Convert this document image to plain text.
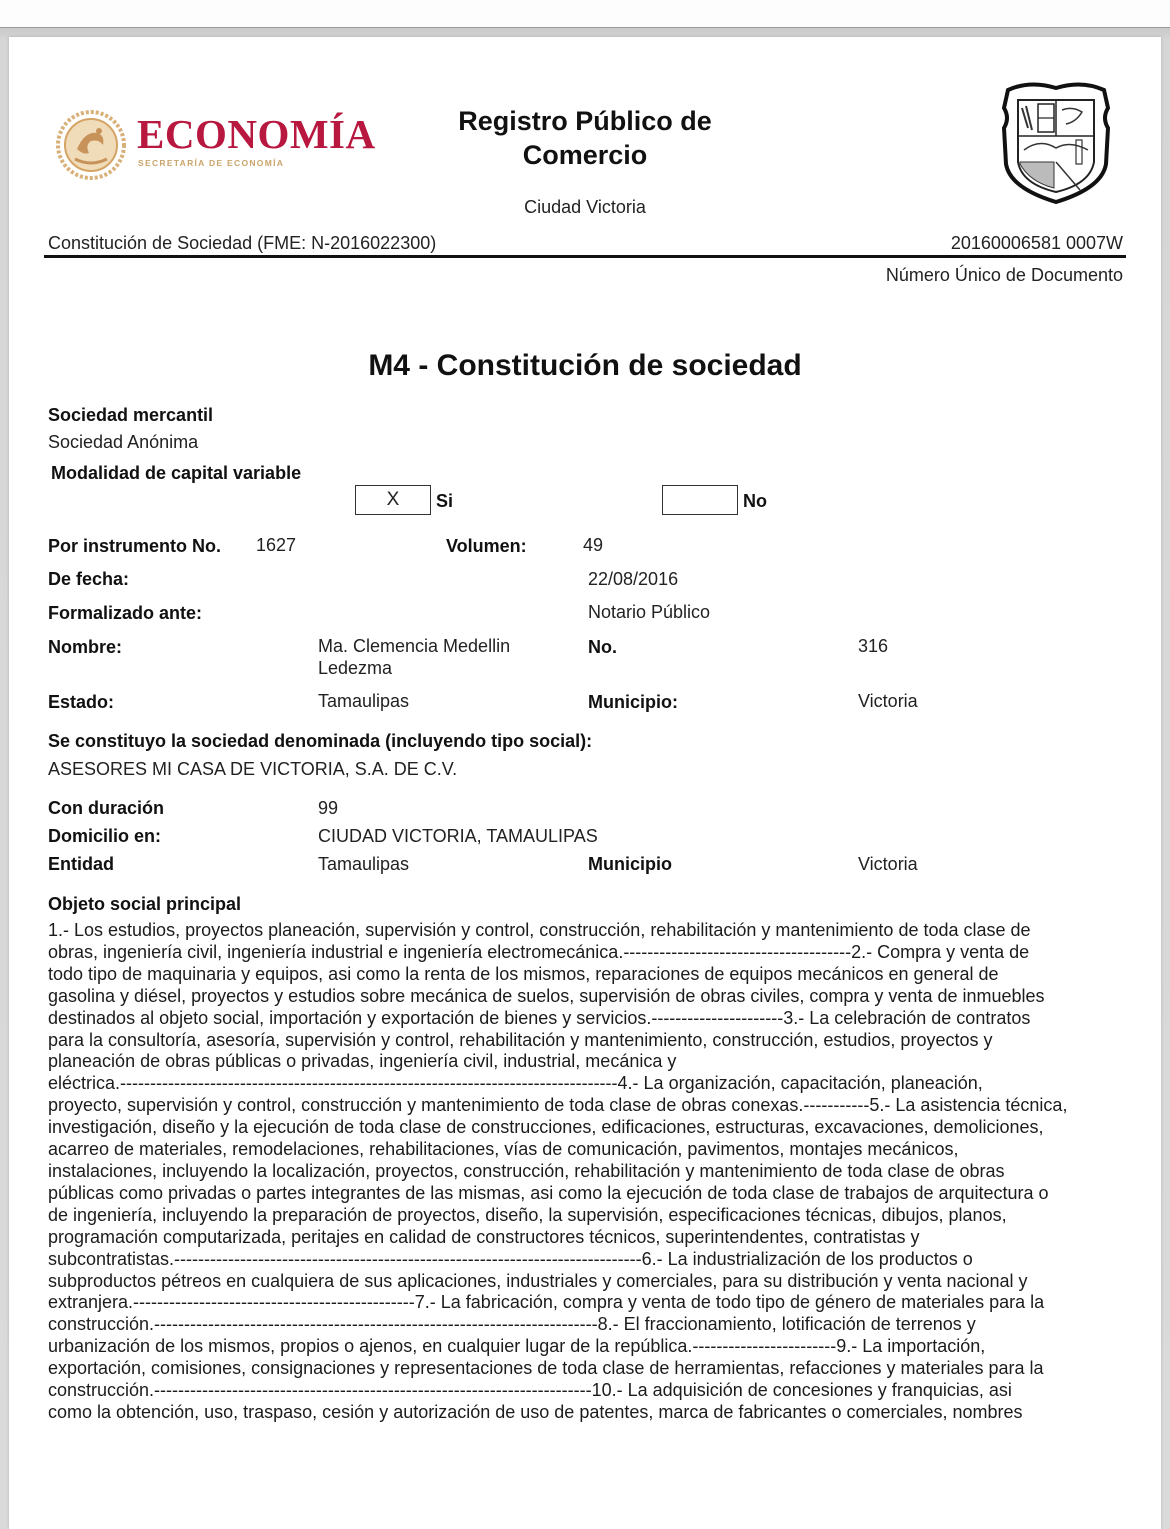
ECONOMÍA
SECRETARÍA DE ECONOMÍA
Registro Público de
Comercio
Ciudad Victoria
Constitución de Sociedad (FME: N-2016022300)	20160006581 0007W
Número Único de Documento
M4 - Constitución de sociedad
Sociedad mercantil
Sociedad Anónima
Modalidad de capital variable
X	Si	No
Por instrumento No. 1627	Volumen:	49
De fecha:	22/08/2016
Formalizado ante:	Notario Público
Nombre:	Ma. Clemencia Medellin
Ledezma
No.	316
Estado:	Tamaulipas	Municipio:	Victoria
Se constituyo la sociedad denominada (incluyendo tipo social):
ASESORES MI CASA DE VICTORIA, S.A. DE C.V.
Con duración	99
Domicilio en:	CIUDAD VICTORIA, TAMAULIPAS
Entidad	Tamaulipas	Municipio	Victoria
Objeto social principal
1.- Los estudios, proyectos planeación, supervisión y control, construcción, rehabilitación y mantenimiento de toda clase de
obras, ingeniería civil, ingeniería industrial e ingeniería electromecánica.--------------------------------------2.- Compra y venta de
todo tipo de maquinaria y equipos, asi como la renta de los mismos, reparaciones de equipos mecánicos en general de
gasolina y diésel, proyectos y estudios sobre mecánica de suelos, supervisión de obras civiles, compra y venta de inmuebles
destinados al objeto social, importación y exportación de bienes y servicios.----------------------3.- La celebración de contratos
para la consultoría, asesoría, supervisión y control, rehabilitación y mantenimiento, construcción, estudios, proyectos y
planeación de obras públicas o privadas, ingeniería civil, industrial, mecánica y
eléctrica.-----------------------------------------------------------------------------------4.- La organización, capacitación, planeación,
proyecto, supervisión y control, construcción y mantenimiento de toda clase de obras conexas.-----------5.- La asistencia técnica,
investigación, diseño y la ejecución de toda clase de construcciones, edificaciones, estructuras, excavaciones, demoliciones,
acarreo de materiales, remodelaciones, rehabilitaciones, vías de comunicación, pavimentos, montajes mecánicos,
instalaciones, incluyendo la localización, proyectos, construcción, rehabilitación y mantenimiento de toda clase de obras
públicas como privadas o partes integrantes de las mismas, asi como la ejecución de toda clase de trabajos de arquitectura o
de ingeniería, incluyendo la preparación de proyectos, diseño, la supervisión, especificaciones técnicas, dibujos, planos,
programación computarizada, peritajes en calidad de constructores técnicos, superintendentes, contratistas y
subcontratistas.------------------------------------------------------------------------------6.- La industrialización de los productos o
subproductos pétreos en cualquiera de sus aplicaciones, industriales y comerciales, para su distribución y venta nacional y
extranjera.-----------------------------------------------7.- La fabricación, compra y venta de todo tipo de género de materiales para la
construcción.--------------------------------------------------------------------------8.- El fraccionamiento, lotificación de terrenos y
urbanización de los mismos, propios o ajenos, en cualquier lugar de la república.------------------------9.- La importación,
exportación, comisiones, consignaciones y representaciones de toda clase de herramientas, refacciones y materiales para la
construcción.-------------------------------------------------------------------------10.- La adquisición de concesiones y franquicias, asi
como la obtención, uso, traspaso, cesión y autorización de uso de patentes, marca de fabricantes o comerciales, nombres
